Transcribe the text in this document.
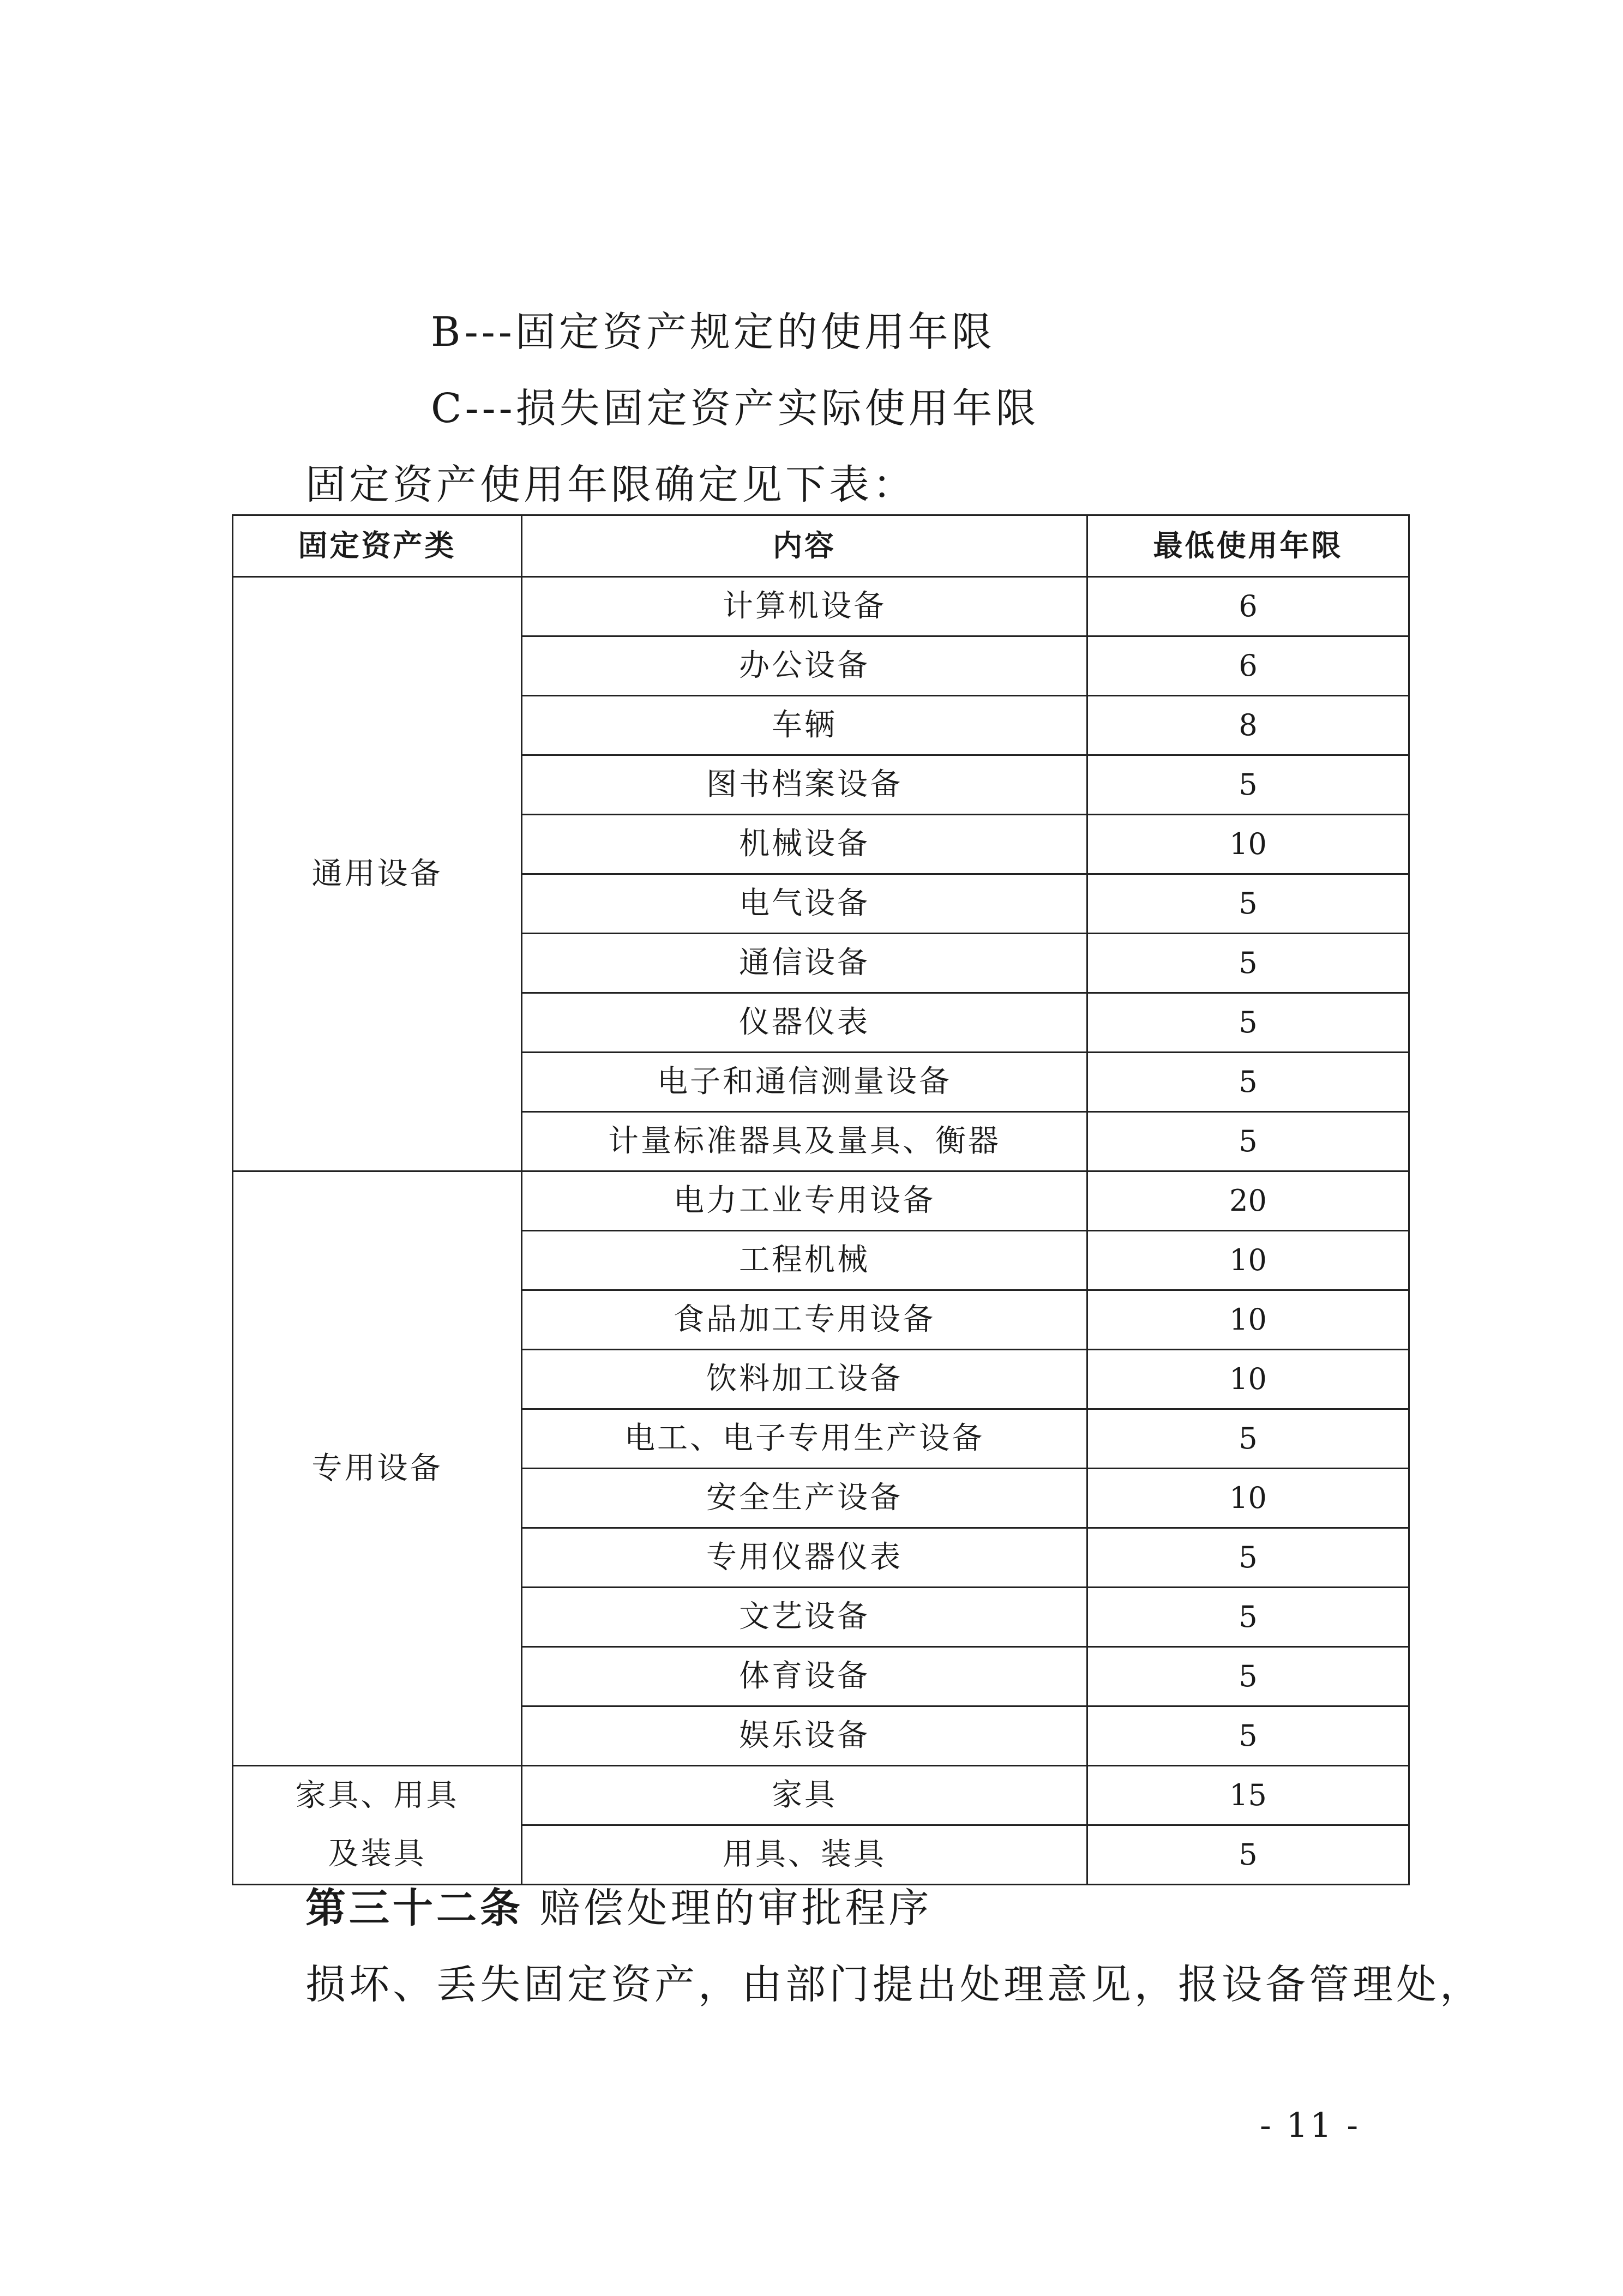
B---固定资产规定的使用年限
C---损失固定资产实际使用年限
固定资产使用年限确定见下表：
固定资产类	内容	最低使用年限
通用设备	计算机设备	6
	办公设备	6
	车辆	8
	图书档案设备	5
	机械设备	10
	电气设备	5
	通信设备	5
	仪器仪表	5
	电子和通信测量设备	5
	计量标准器具及量具、衡器	5
专用设备	电力工业专用设备	20
	工程机械	10
	食品加工专用设备	10
	饮料加工设备	10
	电工、电子专用生产设备	5
	安全生产设备	10
	专用仪器仪表	5
	文艺设备	5
	体育设备	5
	娱乐设备	5
家具、用具及装具	家具	15
	用具、装具	5
第三十二条 赔偿处理的审批程序
损坏、丢失固定资产，由部门提出处理意见，报设备管理处，
- 11 -
